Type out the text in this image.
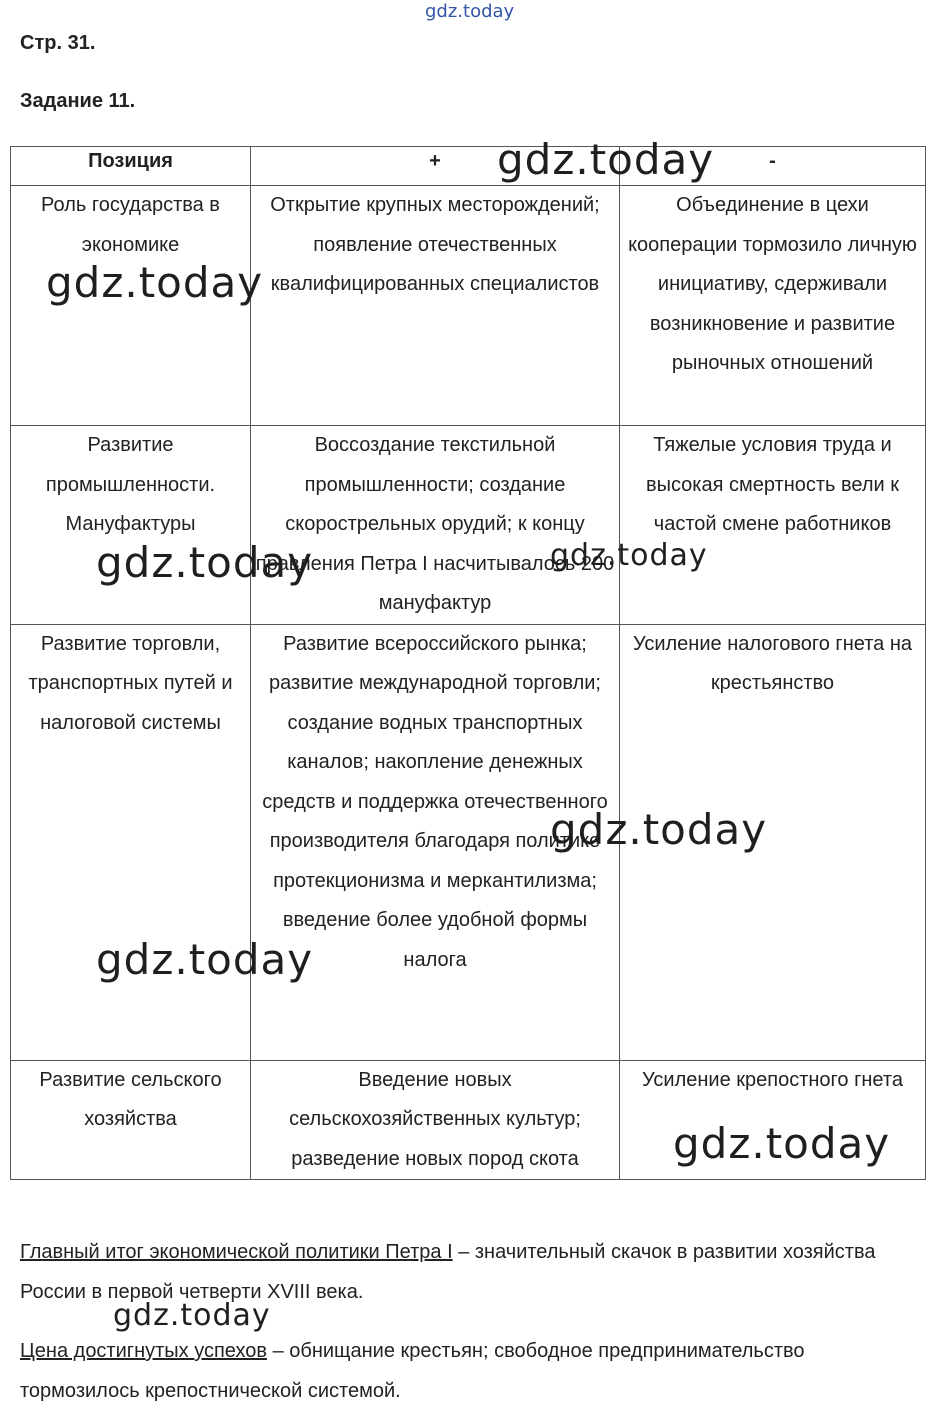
gdz.today
Стр. 31.
Задание 11.
Позиция	+	-
Роль государства в экономике	Открытие крупных месторождений; появление отечественных квалифицированных специалистов	Объединение в цехи кооперации тормозило личную инициативу, сдерживали возникновение и развитие рыночных отношений
Развитие промышленности. Мануфактуры	Воссоздание текстильной промышленности; создание скорострельных орудий; к концу правления Петра I насчитывалось 200 мануфактур	Тяжелые условия труда и высокая смертность вели к частой смене работников
Развитие торговли, транспортных путей и налоговой системы	Развитие всероссийского рынка; развитие международной торговли; создание водных транспортных каналов; накопление денежных средств и поддержка отечественного производителя благодаря политике протекционизма и меркантилизма; введение более удобной формы налога	Усиление налогового гнета на крестьянство
Развитие сельского хозяйства	Введение новых сельскохозяйственных культур; разведение новых пород скота	Усиление крепостного гнета
Главный итог экономической политики Петра I – значительный скачок в развитии хозяйства России в первой четверти XVIII века.
Цена достигнутых успехов – обнищание крестьян; свободное предпринимательство тормозилось крепостнической системой.
gdz.today
gdz.today
gdz.today	gdz.today
gdz.today
gdz.today
gdz.today
gdz.today
